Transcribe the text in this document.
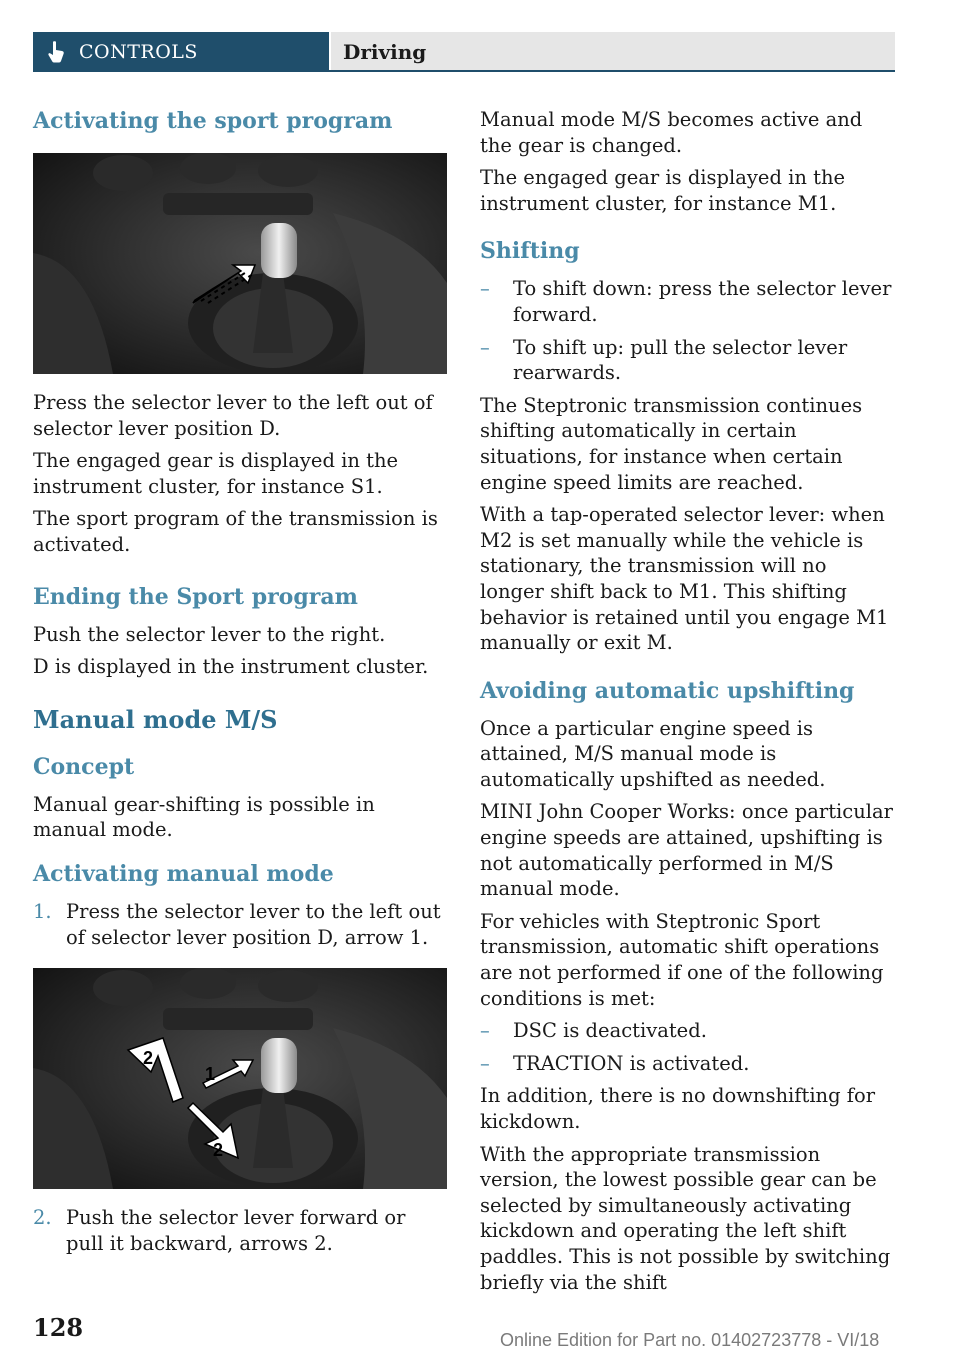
CONTROLS	Driving
Activating the sport program
Press the selector lever to the left out of selector lever position D.
The engaged gear is displayed in the instrument cluster, for instance S1.
The sport program of the transmission is activated.
Ending the Sport program
Push the selector lever to the right.
D is displayed in the instrument cluster.
Manual mode M/S
Concept
Manual gear-shifting is possible in manual mode.
Activating manual mode
1. Press the selector lever to the left out of selector lever position D, arrow 1.
2
1
2
2. Push the selector lever forward or pull it backward, arrows 2.
Manual mode M/S becomes active and the gear is changed.
The engaged gear is displayed in the instrument cluster, for instance M1.
Shifting
– To shift down: press the selector lever forward.
– To shift up: pull the selector lever rearwards.
The Steptronic transmission continues shifting automatically in certain situations, for instance when certain engine speed limits are reached.
With a tap-operated selector lever: when M2 is set manually while the vehicle is stationary, the transmission will no longer shift back to M1. This shifting behavior is retained until you engage M1 manually or exit M.
Avoiding automatic upshifting
Once a particular engine speed is attained, M/S manual mode is automatically upshifted as needed.
MINI John Cooper Works: once particular engine speeds are attained, upshifting is not automatically performed in M/S manual mode.
For vehicles with Steptronic Sport transmission, automatic shift operations are not performed if one of the following conditions is met:
– DSC is deactivated.
– TRACTION is activated.
In addition, there is no downshifting for kickdown.
With the appropriate transmission version, the lowest possible gear can be selected by simultaneously activating kickdown and operating the left shift paddles. This is not possible by switching briefly via the shift
128	Online Edition for Part no. 01402723778 - VI/18
